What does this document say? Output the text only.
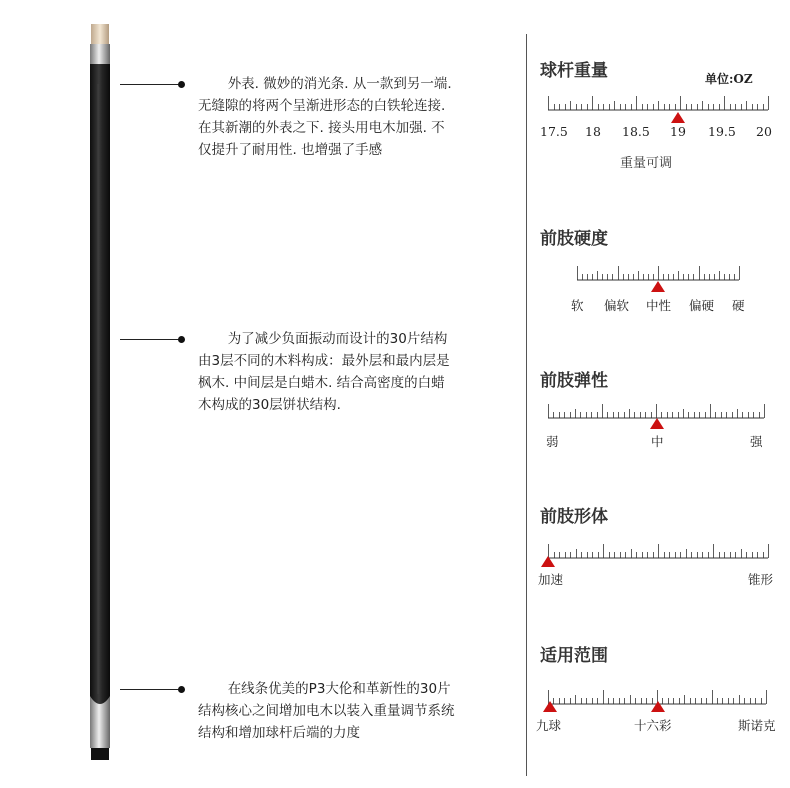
外表. 微妙的消光条. 从一款到另一端. 无缝隙的将两个呈渐进形态的白铁轮连接. 在其新潮的外表之下. 接头用电木加强. 不仅提升了耐用性. 也增强了手感

为了减少负面振动而设计的30片结构由3层不同的木料构成：最外层和最内层是枫木. 中间层是白蜡木. 结合高密度的白蜡木构成的30层饼状结构.

在线条优美的P3大伦和革新性的30片结构核心之间增加电木以装入重量调节系统结构和增加球杆后端的力度

球杆重量	单位:OZ
17.5 18 18.5 19 19.5 20
重量可调
前肢硬度
软 偏软 中性 偏硬 硬
前肢弹性
弱	中	强
前肢形体
加速	锥形
适用范围
九球	十六彩	斯诺克
